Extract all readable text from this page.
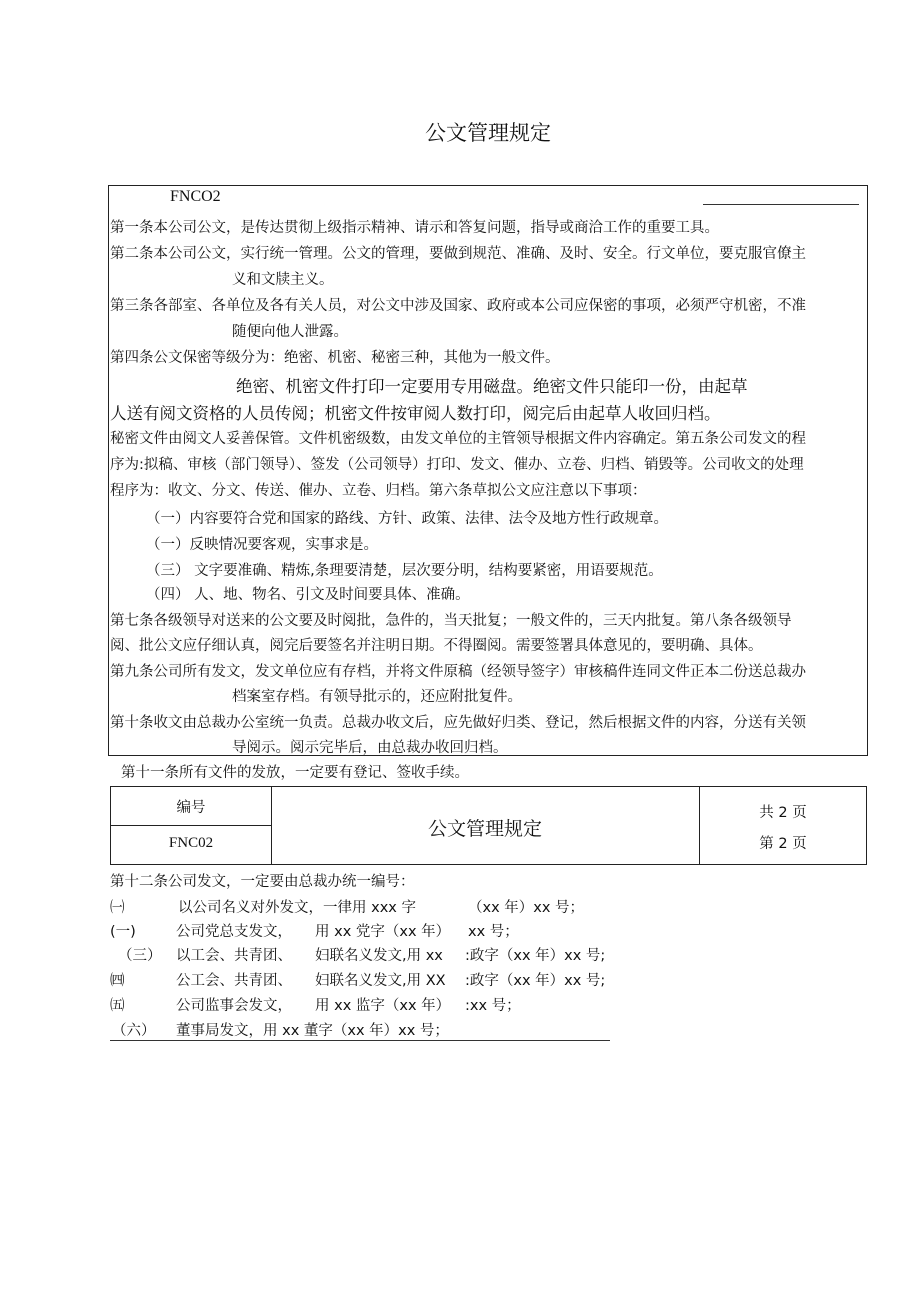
公文管理规定
FNCO2
第一条本公司公文，是传达贯彻上级指示精神、请示和答复问题，指导或商洽工作的重要工具。
第二条本公司公文，实行统一管理。公文的管理，要做到规范、准确、及时、安全。行文单位，要克服官僚主
义和文牍主义。
第三条各部室、各单位及各有关人员，对公文中涉及国家、政府或本公司应保密的事项，必须严守机密，不准
随便向他人泄露。
第四条公文保密等级分为：绝密、机密、秘密三种，其他为一般文件。
绝密、机密文件打印一定要用专用磁盘。绝密文件只能印一份，由起草
人送有阅文资格的人员传阅；机密文件按审阅人数打印，阅完后由起草人收回归档。
秘密文件由阅文人妥善保管。文件机密级数，由发文单位的主管领导根据文件内容确定。第五条公司发文的程
序为:拟稿、审核（部门领导）、签发（公司领导）打印、发文、催办、立卷、归档、销毁等。公司收文的处理
程序为：收文、分文、传送、催办、立卷、归档。第六条草拟公文应注意以下事项：
（一）内容要符合党和国家的路线、方针、政策、法律、法令及地方性行政规章。
（一）反映情况要客观，实事求是。
（三） 文字要准确、精炼,条理要清楚，层次要分明，结构要紧密，用语要规范。
（四） 人、地、物名、引文及时间要具体、准确。
第七条各级领导对送来的公文要及时阅批，急件的，当天批复；一般文件的，三天内批复。第八条各级领导
阅、批公文应仔细认真，阅完后要签名并注明日期。不得圈阅。需要签署具体意见的，要明确、具体。
第九条公司所有发文，发文单位应有存档，并将文件原稿（经领导签字）审核稿件连同文件正本二份送总裁办
档案室存档。有领导批示的，还应附批复件。
第十条收文由总裁办公室统一负责。总裁办收文后，应先做好归类、登记，然后根据文件的内容，分送有关领
导阅示。阅示完毕后，由总裁办收回归档。
第十一条所有文件的发放，一定要有登记、签收手续。
编号
FNC02
公文管理规定
共 2 页
第 2 页
第十二条公司发文，一定要由总裁办统一编号：
㈠	以公司名义对外发文，一律用 xxx 字	（xx 年）xx 号；
(一)	公司党总支发文， 用 xx 党字（xx 年） xx 号；
（三） 以工会、共青团、 妇联名义发文,用 xx :政字（xx 年）xx 号;
㈣	公工会、共青团、 妇联名义发文,用 XX :政字（xx 年）xx 号;
㈤	公司监事会发文， 用 xx 监字（xx 年） :xx 号；
（六） 董事局发文，用 xx 董字（xx 年）xx 号；
